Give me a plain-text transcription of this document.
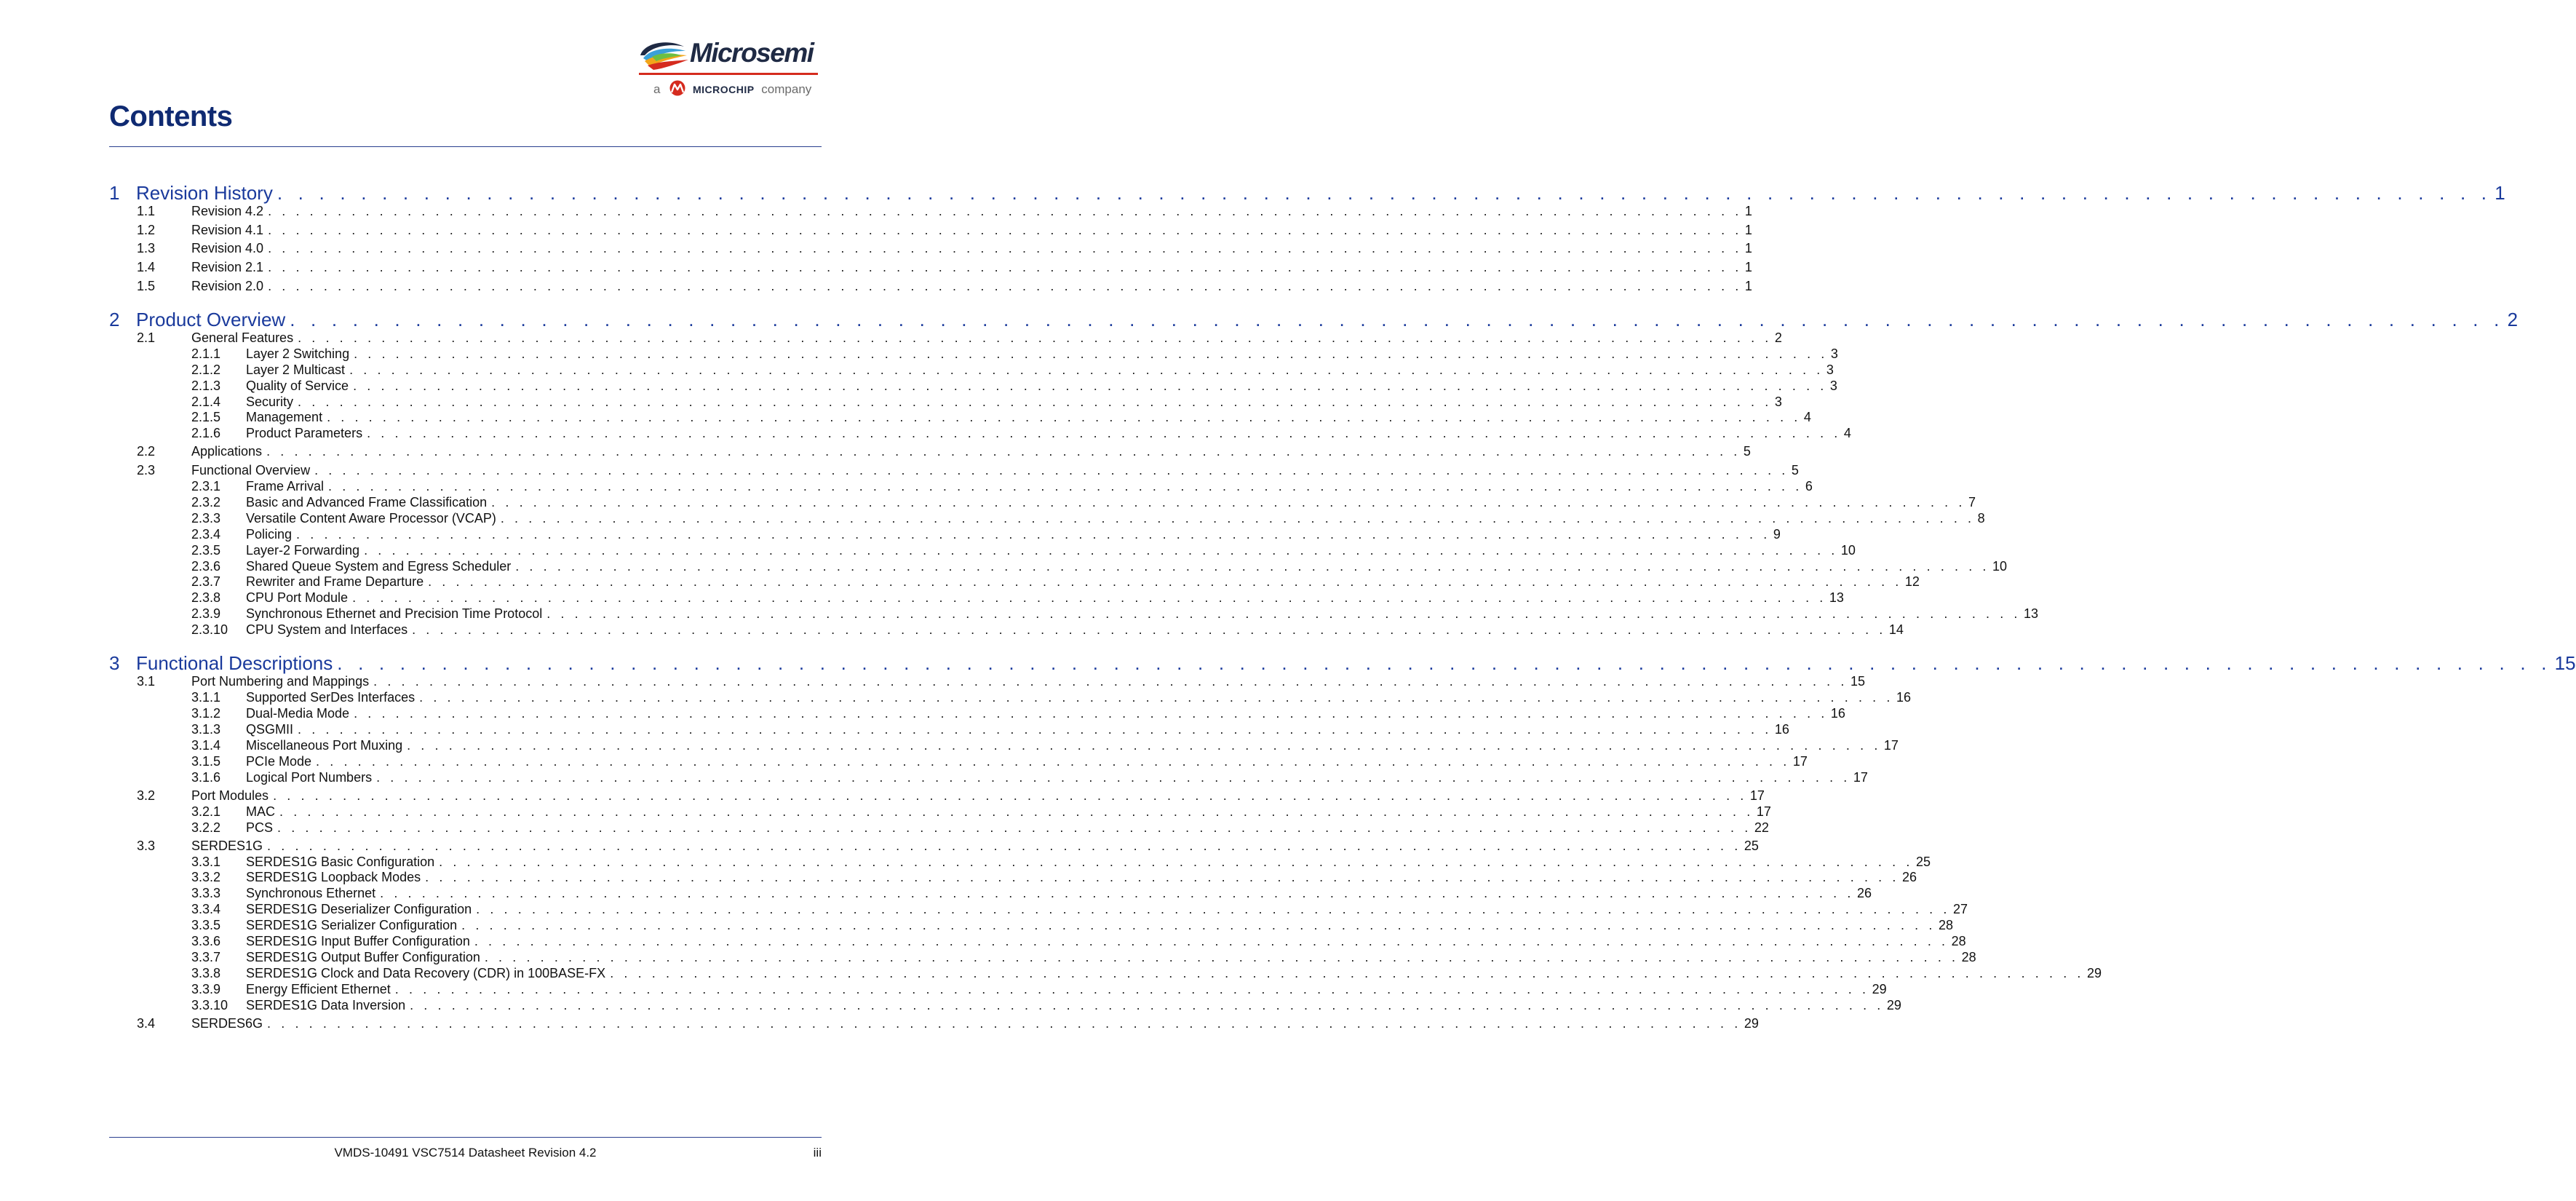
Microsemi
a	MICROCHIP company
Contents
1 Revision History . . . . . . . . . . . . . . . . . . . . . . . . . . . . . . . . . . . . . . . . . . . . . . . . . . . . . . . . . . . . . . . . . . . . . . . . . . . . . . . . . . . . . . . . . . . . . . . . . . . . . . . . . . 1
1.1	Revision 4.2 . . . . . . . . . . . . . . . . . . . . . . . . . . . . . . . . . . . . . . . . . . . . . . . . . . . . . . . . . . . . . . . . . . . . . . . . . . . . . . . . . . . . . . . . . . . . . . . . . . . . . . . . . . 1
1.2	Revision 4.1 . . . . . . . . . . . . . . . . . . . . . . . . . . . . . . . . . . . . . . . . . . . . . . . . . . . . . . . . . . . . . . . . . . . . . . . . . . . . . . . . . . . . . . . . . . . . . . . . . . . . . . . . . . 1
1.3	Revision 4.0 . . . . . . . . . . . . . . . . . . . . . . . . . . . . . . . . . . . . . . . . . . . . . . . . . . . . . . . . . . . . . . . . . . . . . . . . . . . . . . . . . . . . . . . . . . . . . . . . . . . . . . . . . . 1
1.4	Revision 2.1 . . . . . . . . . . . . . . . . . . . . . . . . . . . . . . . . . . . . . . . . . . . . . . . . . . . . . . . . . . . . . . . . . . . . . . . . . . . . . . . . . . . . . . . . . . . . . . . . . . . . . . . . . . 1
1.5	Revision 2.0 . . . . . . . . . . . . . . . . . . . . . . . . . . . . . . . . . . . . . . . . . . . . . . . . . . . . . . . . . . . . . . . . . . . . . . . . . . . . . . . . . . . . . . . . . . . . . . . . . . . . . . . . . . 1
2 Product Overview . . . . . . . . . . . . . . . . . . . . . . . . . . . . . . . . . . . . . . . . . . . . . . . . . . . . . . . . . . . . . . . . . . . . . . . . . . . . . . . . . . . . . . . . . . . . . . . . . . . . . . . . . . 2
2.1	General Features . . . . . . . . . . . . . . . . . . . . . . . . . . . . . . . . . . . . . . . . . . . . . . . . . . . . . . . . . . . . . . . . . . . . . . . . . . . . . . . . . . . . . . . . . . . . . . . . . . . . . . . . . . 2
2.1.1	Layer 2 Switching . . . . . . . . . . . . . . . . . . . . . . . . . . . . . . . . . . . . . . . . . . . . . . . . . . . . . . . . . . . . . . . . . . . . . . . . . . . . . . . . . . . . . . . . . . . . . . . . . . . . . . . . . . 3
2.1.2	Layer 2 Multicast . . . . . . . . . . . . . . . . . . . . . . . . . . . . . . . . . . . . . . . . . . . . . . . . . . . . . . . . . . . . . . . . . . . . . . . . . . . . . . . . . . . . . . . . . . . . . . . . . . . . . . . . . . 3
2.1.3	Quality of Service . . . . . . . . . . . . . . . . . . . . . . . . . . . . . . . . . . . . . . . . . . . . . . . . . . . . . . . . . . . . . . . . . . . . . . . . . . . . . . . . . . . . . . . . . . . . . . . . . . . . . . . . . . 3
2.1.4	Security . . . . . . . . . . . . . . . . . . . . . . . . . . . . . . . . . . . . . . . . . . . . . . . . . . . . . . . . . . . . . . . . . . . . . . . . . . . . . . . . . . . . . . . . . . . . . . . . . . . . . . . . . . 3
2.1.5	Management . . . . . . . . . . . . . . . . . . . . . . . . . . . . . . . . . . . . . . . . . . . . . . . . . . . . . . . . . . . . . . . . . . . . . . . . . . . . . . . . . . . . . . . . . . . . . . . . . . . . . . . . . . 4
2.1.6	Product Parameters . . . . . . . . . . . . . . . . . . . . . . . . . . . . . . . . . . . . . . . . . . . . . . . . . . . . . . . . . . . . . . . . . . . . . . . . . . . . . . . . . . . . . . . . . . . . . . . . . . . . . . . . . . 4
2.2	Applications . . . . . . . . . . . . . . . . . . . . . . . . . . . . . . . . . . . . . . . . . . . . . . . . . . . . . . . . . . . . . . . . . . . . . . . . . . . . . . . . . . . . . . . . . . . . . . . . . . . . . . . . . . 5
2.3	Functional Overview . . . . . . . . . . . . . . . . . . . . . . . . . . . . . . . . . . . . . . . . . . . . . . . . . . . . . . . . . . . . . . . . . . . . . . . . . . . . . . . . . . . . . . . . . . . . . . . . . . . . . . . . . . 5
2.3.1	Frame Arrival . . . . . . . . . . . . . . . . . . . . . . . . . . . . . . . . . . . . . . . . . . . . . . . . . . . . . . . . . . . . . . . . . . . . . . . . . . . . . . . . . . . . . . . . . . . . . . . . . . . . . . . . . . 6
2.3.2	Basic and Advanced Frame Classification . . . . . . . . . . . . . . . . . . . . . . . . . . . . . . . . . . . . . . . . . . . . . . . . . . . . . . . . . . . . . . . . . . . . . . . . . . . . . . . . . . . . . . . . . . . . . . . . . . . . . . . . . . 7
2.3.3	Versatile Content Aware Processor (VCAP) . . . . . . . . . . . . . . . . . . . . . . . . . . . . . . . . . . . . . . . . . . . . . . . . . . . . . . . . . . . . . . . . . . . . . . . . . . . . . . . . . . . . . . . . . . . . . . . . . . . . . . . . . . 8
2.3.4	Policing . . . . . . . . . . . . . . . . . . . . . . . . . . . . . . . . . . . . . . . . . . . . . . . . . . . . . . . . . . . . . . . . . . . . . . . . . . . . . . . . . . . . . . . . . . . . . . . . . . . . . . . . . . 9
2.3.5	Layer-2 Forwarding . . . . . . . . . . . . . . . . . . . . . . . . . . . . . . . . . . . . . . . . . . . . . . . . . . . . . . . . . . . . . . . . . . . . . . . . . . . . . . . . . . . . . . . . . . . . . . . . . . . . . . . . . . 10
2.3.6	Shared Queue System and Egress Scheduler . . . . . . . . . . . . . . . . . . . . . . . . . . . . . . . . . . . . . . . . . . . . . . . . . . . . . . . . . . . . . . . . . . . . . . . . . . . . . . . . . . . . . . . . . . . . . . . . . . . . . . . . . . 10
2.3.7	Rewriter and Frame Departure . . . . . . . . . . . . . . . . . . . . . . . . . . . . . . . . . . . . . . . . . . . . . . . . . . . . . . . . . . . . . . . . . . . . . . . . . . . . . . . . . . . . . . . . . . . . . . . . . . . . . . . . . . 12
2.3.8	CPU Port Module . . . . . . . . . . . . . . . . . . . . . . . . . . . . . . . . . . . . . . . . . . . . . . . . . . . . . . . . . . . . . . . . . . . . . . . . . . . . . . . . . . . . . . . . . . . . . . . . . . . . . . . . . . 13
2.3.9	Synchronous Ethernet and Precision Time Protocol . . . . . . . . . . . . . . . . . . . . . . . . . . . . . . . . . . . . . . . . . . . . . . . . . . . . . . . . . . . . . . . . . . . . . . . . . . . . . . . . . . . . . . . . . . . . . . . . . . . . . . . . . . 13
2.3.10	CPU System and Interfaces . . . . . . . . . . . . . . . . . . . . . . . . . . . . . . . . . . . . . . . . . . . . . . . . . . . . . . . . . . . . . . . . . . . . . . . . . . . . . . . . . . . . . . . . . . . . . . . . . . . . . . . . . . 14
3 Functional Descriptions . . . . . . . . . . . . . . . . . . . . . . . . . . . . . . . . . . . . . . . . . . . . . . . . . . . . . . . . . . . . . . . . . . . . . . . . . . . . . . . . . . . . . . . . . . . . . . . . . . . . . . . . . . 15
3.1	Port Numbering and Mappings . . . . . . . . . . . . . . . . . . . . . . . . . . . . . . . . . . . . . . . . . . . . . . . . . . . . . . . . . . . . . . . . . . . . . . . . . . . . . . . . . . . . . . . . . . . . . . . . . . . . . . . . . . 15
3.1.1	Supported SerDes Interfaces . . . . . . . . . . . . . . . . . . . . . . . . . . . . . . . . . . . . . . . . . . . . . . . . . . . . . . . . . . . . . . . . . . . . . . . . . . . . . . . . . . . . . . . . . . . . . . . . . . . . . . . . . . 16
3.1.2	Dual-Media Mode . . . . . . . . . . . . . . . . . . . . . . . . . . . . . . . . . . . . . . . . . . . . . . . . . . . . . . . . . . . . . . . . . . . . . . . . . . . . . . . . . . . . . . . . . . . . . . . . . . . . . . . . . . 16
3.1.3	QSGMII . . . . . . . . . . . . . . . . . . . . . . . . . . . . . . . . . . . . . . . . . . . . . . . . . . . . . . . . . . . . . . . . . . . . . . . . . . . . . . . . . . . . . . . . . . . . . . . . . . . . . . . . . . 16
3.1.4	Miscellaneous Port Muxing . . . . . . . . . . . . . . . . . . . . . . . . . . . . . . . . . . . . . . . . . . . . . . . . . . . . . . . . . . . . . . . . . . . . . . . . . . . . . . . . . . . . . . . . . . . . . . . . . . . . . . . . . . 17
3.1.5	PCIe Mode . . . . . . . . . . . . . . . . . . . . . . . . . . . . . . . . . . . . . . . . . . . . . . . . . . . . . . . . . . . . . . . . . . . . . . . . . . . . . . . . . . . . . . . . . . . . . . . . . . . . . . . . . . 17
3.1.6	Logical Port Numbers . . . . . . . . . . . . . . . . . . . . . . . . . . . . . . . . . . . . . . . . . . . . . . . . . . . . . . . . . . . . . . . . . . . . . . . . . . . . . . . . . . . . . . . . . . . . . . . . . . . . . . . . . . 17
3.2	Port Modules . . . . . . . . . . . . . . . . . . . . . . . . . . . . . . . . . . . . . . . . . . . . . . . . . . . . . . . . . . . . . . . . . . . . . . . . . . . . . . . . . . . . . . . . . . . . . . . . . . . . . . . . . . 17
3.2.1	MAC . . . . . . . . . . . . . . . . . . . . . . . . . . . . . . . . . . . . . . . . . . . . . . . . . . . . . . . . . . . . . . . . . . . . . . . . . . . . . . . . . . . . . . . . . . . . . . . . . . . . . . . . . . 17
3.2.2	PCS . . . . . . . . . . . . . . . . . . . . . . . . . . . . . . . . . . . . . . . . . . . . . . . . . . . . . . . . . . . . . . . . . . . . . . . . . . . . . . . . . . . . . . . . . . . . . . . . . . . . . . . . . . 22
3.3	SERDES1G . . . . . . . . . . . . . . . . . . . . . . . . . . . . . . . . . . . . . . . . . . . . . . . . . . . . . . . . . . . . . . . . . . . . . . . . . . . . . . . . . . . . . . . . . . . . . . . . . . . . . . . . . . 25
3.3.1	SERDES1G Basic Configuration . . . . . . . . . . . . . . . . . . . . . . . . . . . . . . . . . . . . . . . . . . . . . . . . . . . . . . . . . . . . . . . . . . . . . . . . . . . . . . . . . . . . . . . . . . . . . . . . . . . . . . . . . . 25
3.3.2	SERDES1G Loopback Modes . . . . . . . . . . . . . . . . . . . . . . . . . . . . . . . . . . . . . . . . . . . . . . . . . . . . . . . . . . . . . . . . . . . . . . . . . . . . . . . . . . . . . . . . . . . . . . . . . . . . . . . . . . 26
3.3.3	Synchronous Ethernet . . . . . . . . . . . . . . . . . . . . . . . . . . . . . . . . . . . . . . . . . . . . . . . . . . . . . . . . . . . . . . . . . . . . . . . . . . . . . . . . . . . . . . . . . . . . . . . . . . . . . . . . . . 26
3.3.4	SERDES1G Deserializer Configuration . . . . . . . . . . . . . . . . . . . . . . . . . . . . . . . . . . . . . . . . . . . . . . . . . . . . . . . . . . . . . . . . . . . . . . . . . . . . . . . . . . . . . . . . . . . . . . . . . . . . . . . . . . 27
3.3.5	SERDES1G Serializer Configuration . . . . . . . . . . . . . . . . . . . . . . . . . . . . . . . . . . . . . . . . . . . . . . . . . . . . . . . . . . . . . . . . . . . . . . . . . . . . . . . . . . . . . . . . . . . . . . . . . . . . . . . . . . 28
3.3.6	SERDES1G Input Buffer Configuration . . . . . . . . . . . . . . . . . . . . . . . . . . . . . . . . . . . . . . . . . . . . . . . . . . . . . . . . . . . . . . . . . . . . . . . . . . . . . . . . . . . . . . . . . . . . . . . . . . . . . . . . . . 28
3.3.7	SERDES1G Output Buffer Configuration . . . . . . . . . . . . . . . . . . . . . . . . . . . . . . . . . . . . . . . . . . . . . . . . . . . . . . . . . . . . . . . . . . . . . . . . . . . . . . . . . . . . . . . . . . . . . . . . . . . . . . . . . . 28
3.3.8	SERDES1G Clock and Data Recovery (CDR) in 100BASE-FX . . . . . . . . . . . . . . . . . . . . . . . . . . . . . . . . . . . . . . . . . . . . . . . . . . . . . . . . . . . . . . . . . . . . . . . . . . . . . . . . . . . . . . . . . . . . . . . . . . . . . . . . . . 29
3.3.9	Energy Efficient Ethernet . . . . . . . . . . . . . . . . . . . . . . . . . . . . . . . . . . . . . . . . . . . . . . . . . . . . . . . . . . . . . . . . . . . . . . . . . . . . . . . . . . . . . . . . . . . . . . . . . . . . . . . . . . 29
3.3.10	SERDES1G Data Inversion . . . . . . . . . . . . . . . . . . . . . . . . . . . . . . . . . . . . . . . . . . . . . . . . . . . . . . . . . . . . . . . . . . . . . . . . . . . . . . . . . . . . . . . . . . . . . . . . . . . . . . . . . . 29
3.4	SERDES6G . . . . . . . . . . . . . . . . . . . . . . . . . . . . . . . . . . . . . . . . . . . . . . . . . . . . . . . . . . . . . . . . . . . . . . . . . . . . . . . . . . . . . . . . . . . . . . . . . . . . . . . . . . 29
VMDS-10491 VSC7514 Datasheet Revision 4.2	iii
